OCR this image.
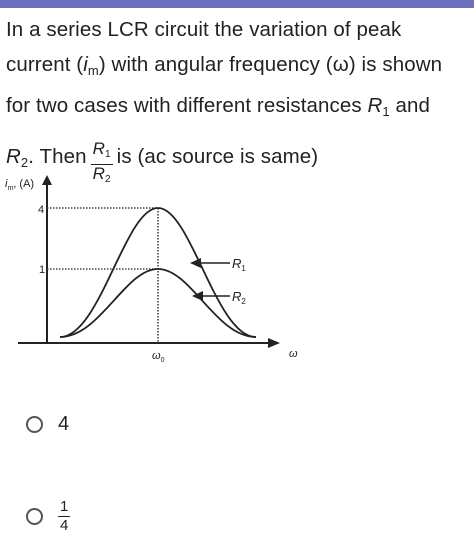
In a series LCR circuit the variation of peak
current $(i_m)$ with angular frequency (ω) is shown
for two cases with different resistances $R_1$ and
$R_2$. Then $\frac{R1}{R2}$ is (ac source is same)
$i_m$, (A)
4
1	$R_1$
$R_2$
$\omega_0$
ω
4
$\frac{1}{4}$
